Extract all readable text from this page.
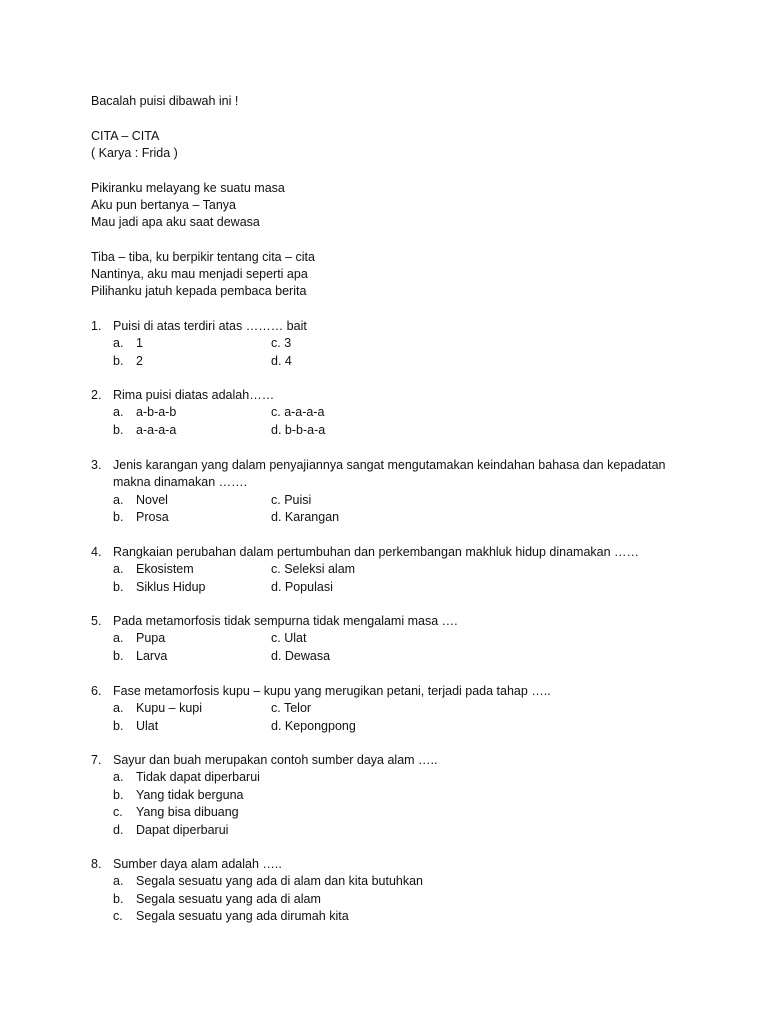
Bacalah puisi dibawah ini !
CITA – CITA
( Karya : Frida )
Pikiranku melayang ke suatu masa
Aku pun bertanya – Tanya
Mau jadi apa aku saat dewasa
Tiba – tiba, ku berpikir tentang cita – cita
Nantinya, aku mau menjadi seperti apa
Pilihanku jatuh kepada pembaca berita
1. Puisi di atas terdiri atas ……… bait
a. 1	c. 3
b. 2	d. 4
2. Rima puisi diatas adalah……
a. a-b-a-b	c. a-a-a-a
b. a-a-a-a	d. b-b-a-a
3. Jenis karangan yang dalam penyajiannya sangat mengutamakan keindahan bahasa dan kepadatan
makna dinamakan …….
a. Novel	c. Puisi
b. Prosa	d. Karangan
4. Rangkaian perubahan dalam pertumbuhan dan perkembangan makhluk hidup dinamakan ……
a. Ekosistem	c. Seleksi alam
b. Siklus Hidup	d. Populasi
5. Pada metamorfosis tidak sempurna tidak mengalami masa ….
a. Pupa	c. Ulat
b. Larva	d. Dewasa
6. Fase metamorfosis kupu – kupu yang merugikan petani, terjadi pada tahap …..
a. Kupu – kupi	c. Telor
b. Ulat	d. Kepongpong
7. Sayur dan buah merupakan contoh sumber daya alam …..
a. Tidak dapat diperbarui
b. Yang tidak berguna
c. Yang bisa dibuang
d. Dapat diperbarui
8. Sumber daya alam adalah …..
a. Segala sesuatu yang ada di alam dan kita butuhkan
b. Segala sesuatu yang ada di alam
c. Segala sesuatu yang ada dirumah kita
